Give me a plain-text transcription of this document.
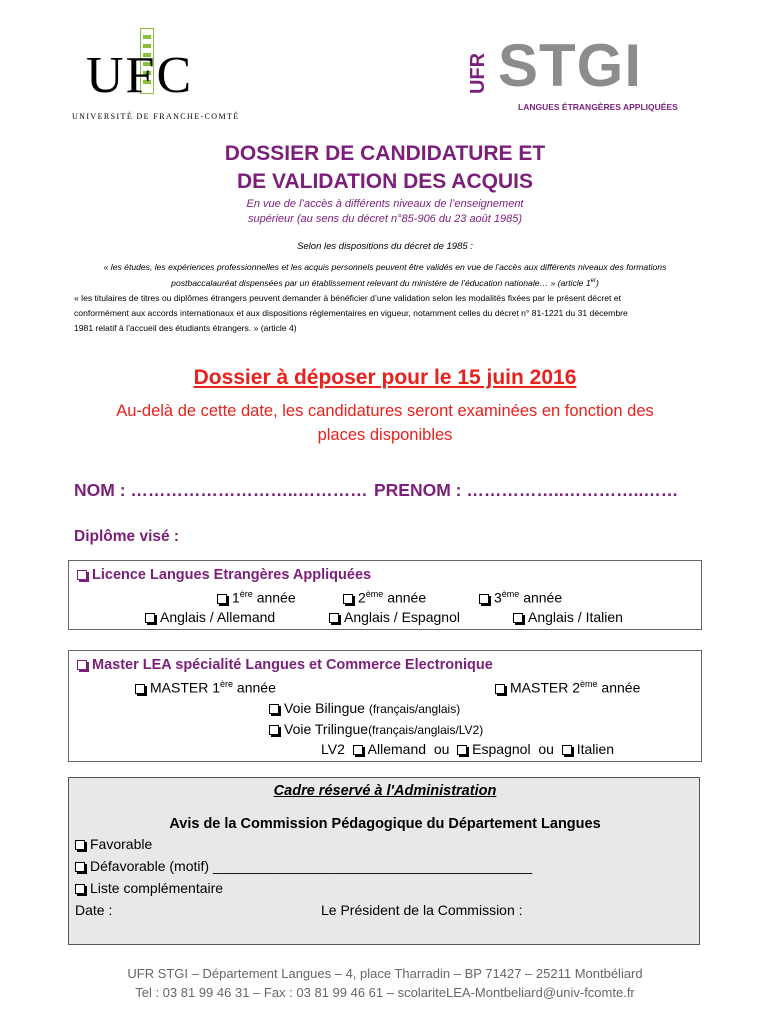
UFC
UNIVERSITÉ DE FRANCHE-COMTÉ
UFR STGI
LANGUES ÉTRANGÈRES APPLIQUÉES
DOSSIER DE CANDIDATURE ET
DE VALIDATION DES ACQUIS
En vue de l’accès à différents niveaux de l’enseignement
supérieur (au sens du décret n°85-906 du 23 août 1985)
Selon les dispositions du décret de 1985 :
« les études, les expériences professionnelles et les acquis personnels peuvent être validés en vue de l’accès aux différents niveaux des formations
postbaccalauréat dispensées par un établissement relevant du ministère de l’éducation nationale… » (article 1er)
« les titulaires de titres ou diplômes étrangers peuvent demander à bénéficier d’une validation selon les modalités fixées par le présent décret et
conformément aux accords internationaux et aux dispositions réglementaires en vigueur, notamment celles du décret n° 81-1221 du 31 décembre
1981 relatif à l’accueil des étudiants étrangers. » (article 4)
Dossier à déposer pour le 15 juin 2016
Au-delà de cette date, les candidatures seront examinées en fonction des
places disponibles
NOM : ………………………..………… PRENOM : ……………..…………..……
Diplôme visé :
Licence Langues Etrangères Appliquées
1ère année	2ème année	3ème année
Anglais / Allemand	Anglais / Espagnol	Anglais / Italien
Master LEA spécialité Langues et Commerce Electronique
MASTER 1ère année	MASTER 2ème année
Voie Bilingue (français/anglais)
Voie Trilingue(français/anglais/LV2)
LV2 Allemand ou Espagnol ou Italien
Cadre réservé à l'Administration
Avis de la Commission Pédagogique du Département Langues
Favorable
Défavorable (motif) _________________________________________
Liste complémentaire
Date :	Le Président de la Commission :
UFR STGI – Département Langues – 4, place Tharradin – BP 71427 – 25211 Montbéliard
Tel : 03 81 99 46 31 – Fax : 03 81 99 46 61 – scolariteLEA-Montbeliard@univ-fcomte.fr
